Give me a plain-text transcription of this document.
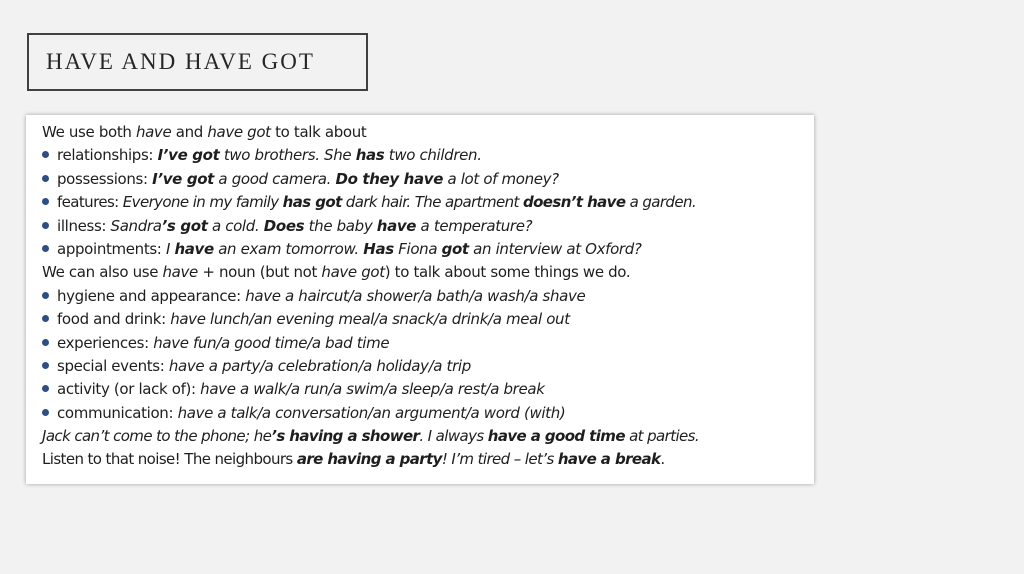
HAVE AND HAVE GOT
We use both have and have got to talk about
relationships: I’ve got two brothers. She has two children.
possessions: I’ve got a good camera. Do they have a lot of money?
features: Everyone in my family has got dark hair. The apartment doesn’t have a garden.
illness: Sandra’s got a cold. Does the baby have a temperature?
appointments: I have an exam tomorrow. Has Fiona got an interview at Oxford?
We can also use have + noun (but not have got) to talk about some things we do.
hygiene and appearance: have a haircut/a shower/a bath/a wash/a shave
food and drink: have lunch/an evening meal/a snack/a drink/a meal out
experiences: have fun/a good time/a bad time
special events: have a party/a celebration/a holiday/a trip
activity (or lack of): have a walk/a run/a swim/a sleep/a rest/a break
communication: have a talk/a conversation/an argument/a word (with)
Jack can’t come to the phone; he’s having a shower. I always have a good time at parties.
Listen to that noise! The neighbours are having a party! I’m tired – let’s have a break.
